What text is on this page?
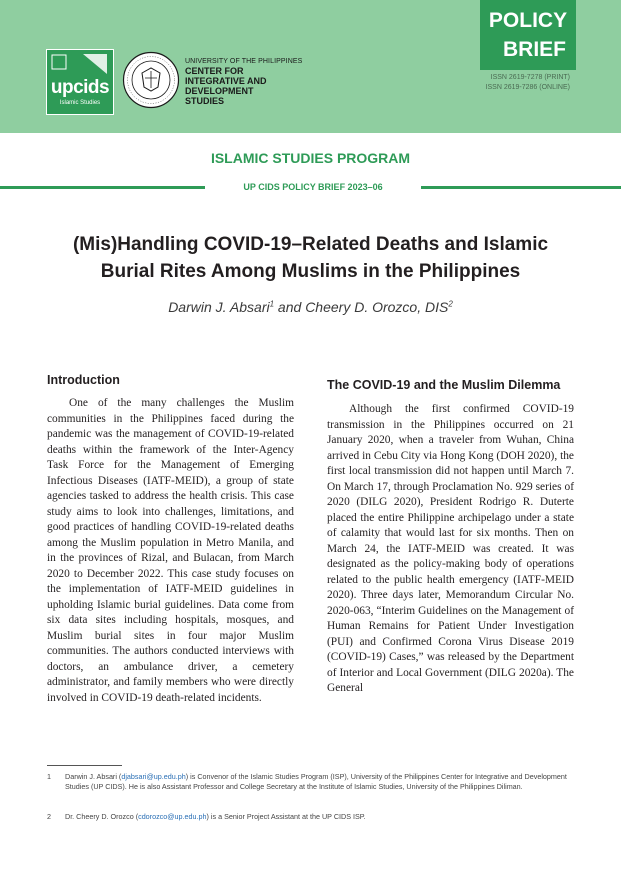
upcids
Islamic Studies
UNIVERSITY OF THE PHILIPPINES
CENTER FOR
INTEGRATIVE AND
DEVELOPMENT
STUDIES
POLICY
BRIEF
ISSN 2619-7278 (PRINT)
ISSN 2619-7286 (ONLINE)
ISLAMIC STUDIES PROGRAM
UP CIDS POLICY BRIEF 2023–06
(Mis)Handling COVID-19–Related Deaths and Islamic
Burial Rites Among Muslims in the Philippines
Darwin J. Absari$^1$ and Cheery D. Orozco, DIS$^2$
Introduction

One of the many challenges the Muslim communities in the Philippines faced during the pandemic was the management of COVID-19-related deaths within the framework of the Inter-Agency Task Force for the Management of Emerging Infectious Diseases (IATF-MEID), a group of state agencies tasked to address the health crisis. This case study aims to look into challenges, limitations, and good practices of handling COVID-19-related deaths among the Muslim population in Metro Manila, and in the provinces of Rizal, and Bulacan, from March 2020 to December 2022. This case study focuses on the implementation of IATF-MEID guidelines in upholding Islamic burial guidelines. Data come from six data sites including hospitals, mosques, and Muslim burial sites in four major Muslim communities. The authors conducted interviews with doctors, an ambulance driver, a cemetery administrator, and family members who were directly involved in COVID-19 death-related incidents.

The COVID-19 and the Muslim Dilemma

Although the first confirmed COVID-19 transmission in the Philippines occurred on 21 January 2020, when a traveler from Wuhan, China arrived in Cebu City via Hong Kong (DOH 2020), the first local transmission did not happen until March 7. On March 17, through Proclamation No. 929 series of 2020 (DILG 2020), President Rodrigo R. Duterte placed the entire Philippine archipelago under a state of calamity that would last for six months. Then on March 24, the IATF-MEID was created. It was designated as the policy-making body of operations related to the public health emergency (IATF-MEID 2020). Three days later, Memorandum Circular No. 2020-063, “Interim Guidelines on the Management of Human Remains for Patient Under Investigation (PUI) and Confirmed Corona Virus Disease 2019 (COVID-19) Cases,” was released by the Department of Interior and Local Government (DILG 2020a). The General

1 Darwin J. Absari (djabsari@up.edu.ph) is Convenor of the Islamic Studies Program (ISP), University of the Philippines Center for Integrative and Development Studies (UP CIDS). He is also Assistant Professor and College Secretary at the Institute of Islamic Studies, University of the Philippines Diliman.
2 Dr. Cheery D. Orozco (cdorozco@up.edu.ph) is a Senior Project Assistant at the UP CIDS ISP.
